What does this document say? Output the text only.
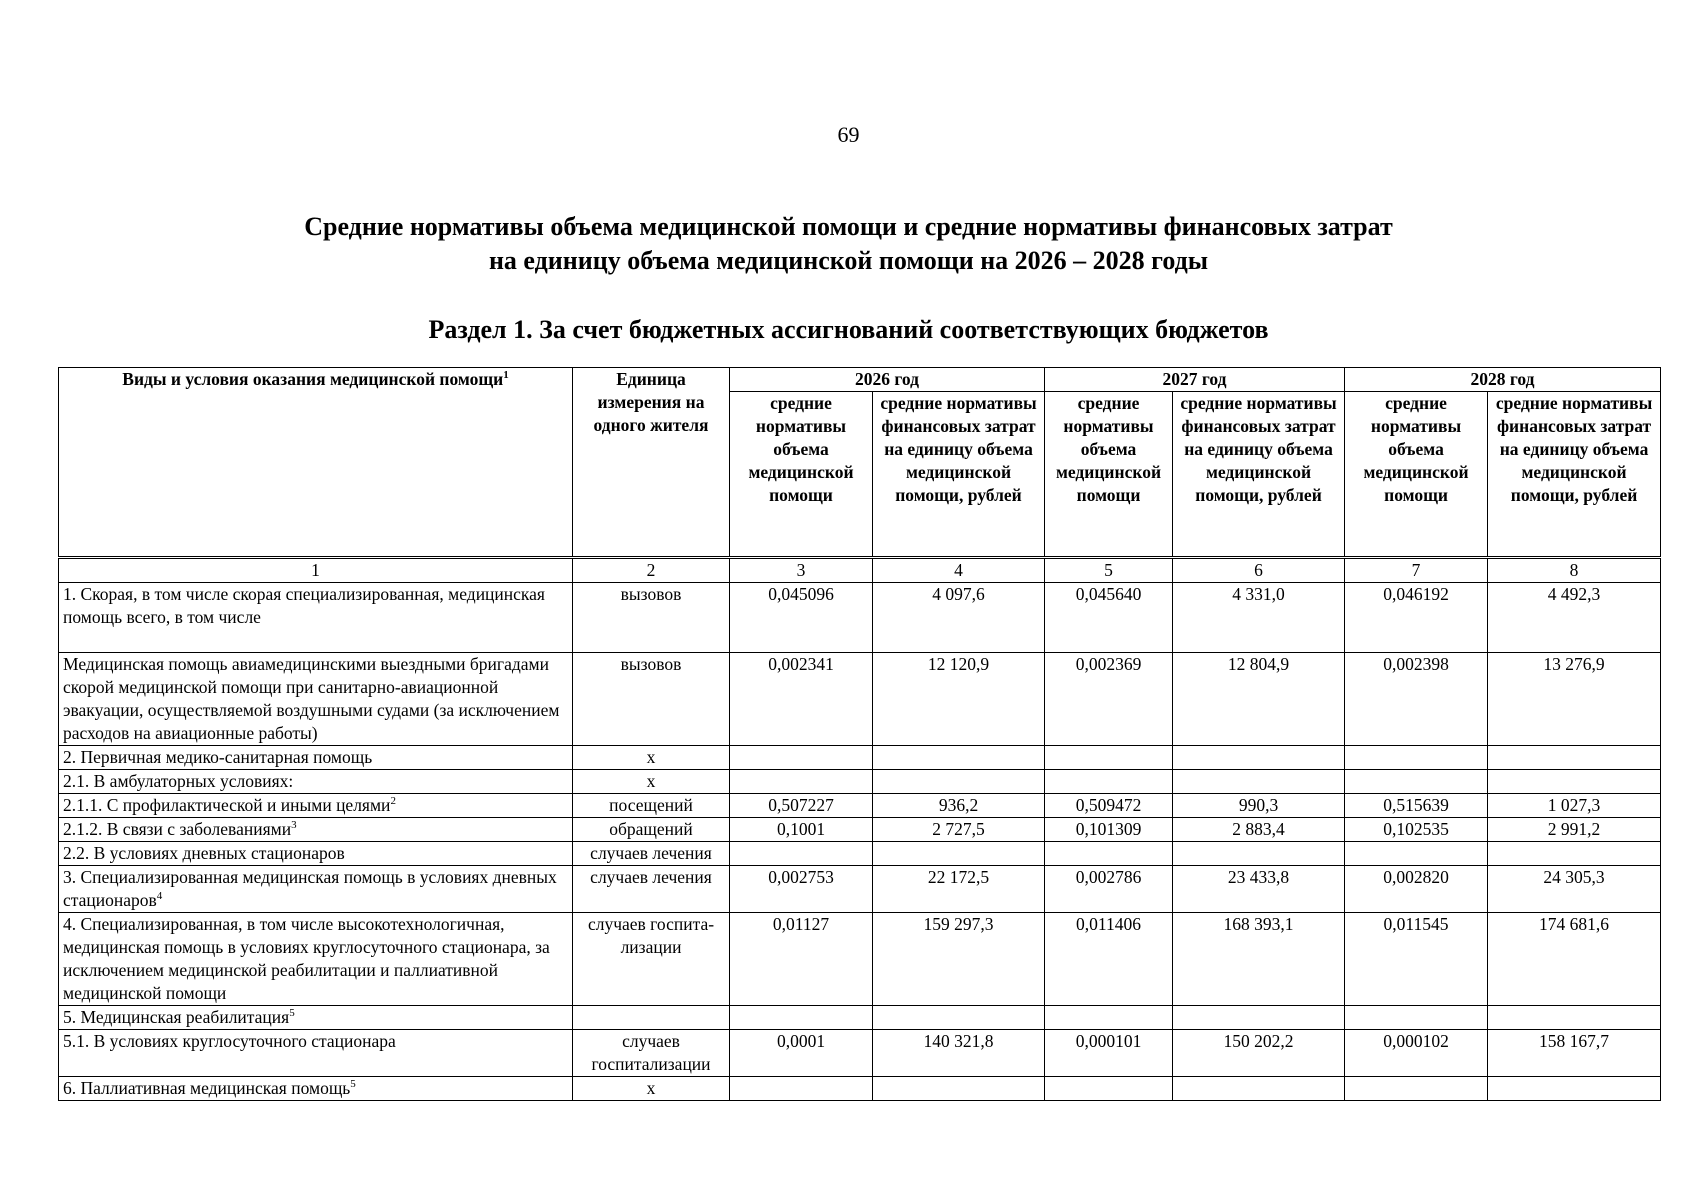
69
Средние нормативы объема медицинской помощи и средние нормативы финансовых затрат
на единицу объема медицинской помощи на 2026 – 2028 годы
Раздел 1. За счет бюджетных ассигнований соответствующих бюджетов
Виды и условия оказания медицинской помощи$^1$	Единица измерения на одного жителя	2026 год		2027 год		2028 год	
		средние нормативы объема медицинской помощи	средние нормативы финансовых затрат на единицу объема медицинской помощи, рублей	средние нормативы объема медицинской помощи	средние нормативы финансовых затрат на единицу объема медицинской помощи, рублей	средние нормативы объема медицинской помощи	средние нормативы финансовых затрат на единицу объема медицинской помощи, рублей
1	2	3	4	5	6	7	8
1. Скорая, в том числе скорая специализированная, медицинская помощь всего, в том числе	вызовов	0,045096	4 097,6	0,045640	4 331,0	0,046192	4 492,3
Медицинская помощь авиамедицинскими выездными бригадами скорой медицинской помощи при санитарно-авиационной эвакуации, осуществляемой воздушными судами (за исключением расходов на авиационные работы)	вызовов	0,002341	12 120,9	0,002369	12 804,9	0,002398	13 276,9
2. Первичная медико-санитарная помощь	х						
2.1. В амбулаторных условиях:	х						
2.1.1. С профилактической и иными целями$^2$	посещений	0,507227	936,2	0,509472	990,3	0,515639	1 027,3
2.1.2. В связи с заболеваниями$^3$	обращений	0,1001	2 727,5	0,101309	2 883,4	0,102535	2 991,2
2.2. В условиях дневных стационаров	случаев лечения						
3. Специализированная медицинская помощь в условиях дневных стационаров$^4$	случаев лечения	0,002753	22 172,5	0,002786	23 433,8	0,002820	24 305,3
4. Специализированная, в том числе высокотехнологичная, медицинская помощь в условиях круглосуточного стационара, за исключением медицинской реабилитации и паллиативной медицинской помощи	случаев госпита-лизации	0,01127	159 297,3	0,011406	168 393,1	0,011545	174 681,6
5. Медицинская реабилитация$^5$							
5.1. В условиях круглосуточного стационара	случаев госпитализации	0,0001	140 321,8	0,000101	150 202,2	0,000102	158 167,7
6. Паллиативная медицинская помощь$^5$	х						
